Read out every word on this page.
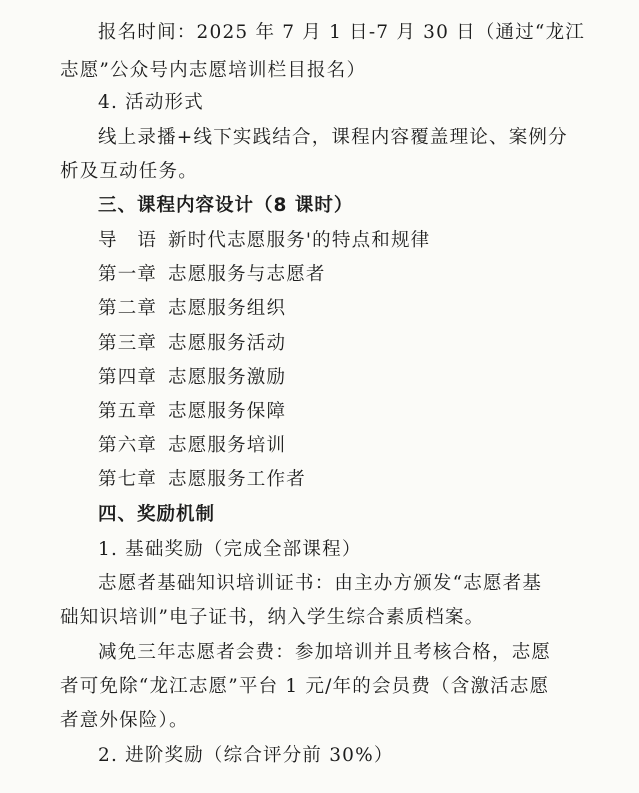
报名时间：2025 年 7 月 1 日-7 月 30 日（通过“龙江
志愿”公众号内志愿培训栏目报名）
4. 活动形式
线上录播+线下实践结合，课程内容覆盖理论、案例分
析及互动任务。
三、课程内容设计（8 课时）
导　语 新时代志愿服务'的特点和规律
第一章 志愿服务与志愿者
第二章 志愿服务组织
第三章 志愿服务活动
第四章 志愿服务激励
第五章 志愿服务保障
第六章 志愿服务培训
第七章 志愿服务工作者
四、奖励机制
1. 基础奖励（完成全部课程）
志愿者基础知识培训证书：由主办方颁发“志愿者基
础知识培训”电子证书，纳入学生综合素质档案。
减免三年志愿者会费：参加培训并且考核合格，志愿
者可免除“龙江志愿”平台 1 元/年的会员费（含激活志愿
者意外保险）。
2. 进阶奖励（综合评分前 30%）
